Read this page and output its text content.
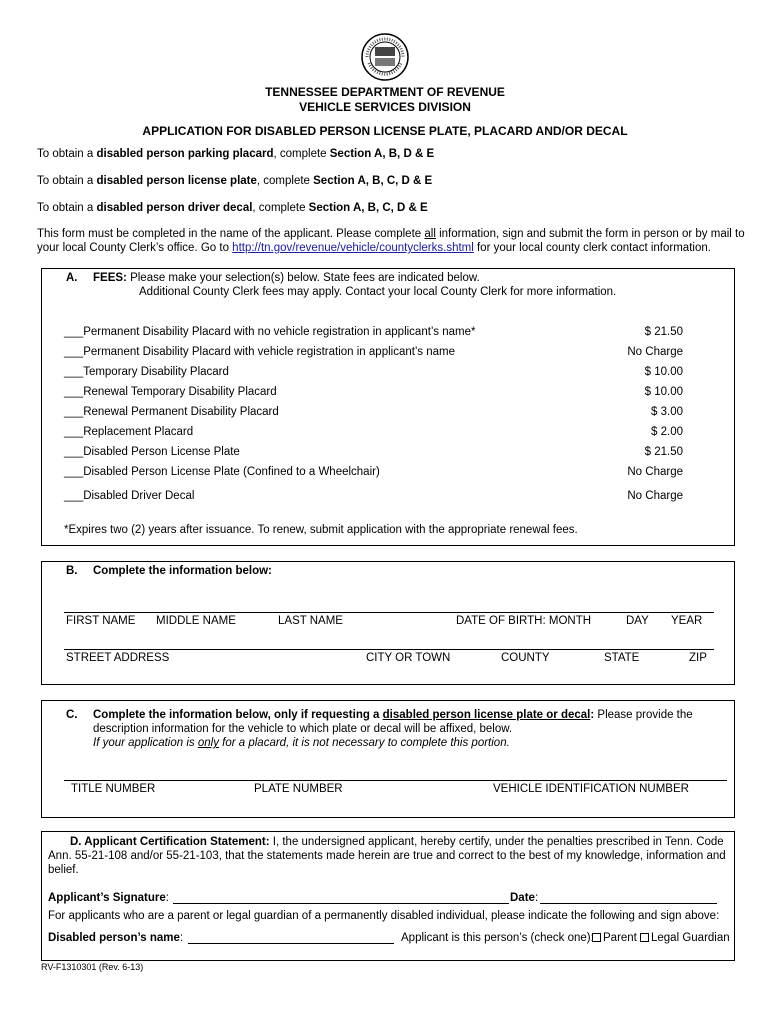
TENNESSEE DEPARTMENT OF REVENUE
VEHICLE SERVICES DIVISION
APPLICATION FOR DISABLED PERSON LICENSE PLATE, PLACARD AND/OR DECAL
To obtain a disabled person parking placard, complete Section A, B, D & E
To obtain a disabled person license plate, complete Section A, B, C, D & E
To obtain a disabled person driver decal, complete Section A, B, C, D & E
This form must be completed in the name of the applicant. Please complete all information, sign and submit the form in person or by mail to
your local County Clerk’s office. Go to http://tn.gov/revenue/vehicle/countyclerks.shtml for your local county clerk contact information.
A. FEES: Please make your selection(s) below. State fees are indicated below.
Additional County Clerk fees may apply. Contact your local County Clerk for more information.
___Permanent Disability Placard with no vehicle registration in applicant’s name*	$ 21.50
___Permanent Disability Placard with vehicle registration in applicant’s name	No Charge
___Temporary Disability Placard	$ 10.00
___Renewal Temporary Disability Placard	$ 10.00
___Renewal Permanent Disability Placard	$ 3.00
___Replacement Placard	$ 2.00
___Disabled Person License Plate	$ 21.50
___Disabled Person License Plate (Confined to a Wheelchair)	No Charge
___Disabled Driver Decal	No Charge
*Expires two (2) years after issuance. To renew, submit application with the appropriate renewal fees.
B. Complete the information below:
FIRST NAME MIDDLE NAME	LAST NAME	DATE OF BIRTH: MONTH	DAY YEAR
STREET ADDRESS	CITY OR TOWN	COUNTY	STATE	ZIP
C. Complete the information below, only if requesting a disabled person license plate or decal: Please provide the
description information for the vehicle to which plate or decal will be affixed, below.
If your application is only for a placard, it is not necessary to complete this portion.
TITLE NUMBER	PLATE NUMBER	VEHICLE IDENTIFICATION NUMBER
D. Applicant Certification Statement: I, the undersigned applicant, hereby certify, under the penalties prescribed in Tenn. Code
Ann. 55-21-108 and/or 55-21-103, that the statements made herein are true and correct to the best of my knowledge, information and
belief.
Applicant’s Signature:	Date:
For applicants who are a parent or legal guardian of a permanently disabled individual, please indicate the following and sign above:
Disabled person’s name:	Applicant is this person’s (check one): Parent	Legal Guardian
RV-F1310301 (Rev. 6-13)
